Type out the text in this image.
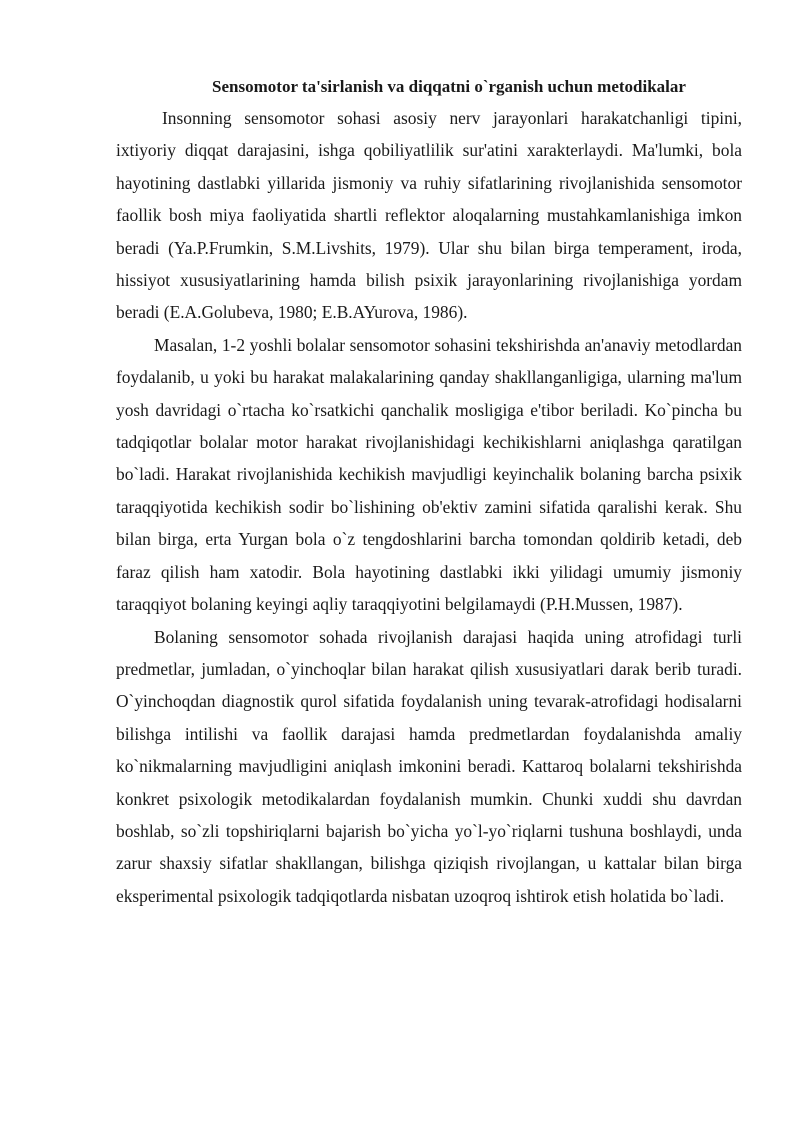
Sensomotor ta'sirlanish va diqqatni o`rganish uchun metodikalar

Insonning sensomotor sohasi asosiy nerv jarayonlari harakatchanligi tipini, ixtiyoriy diqqat darajasini, ishga qobiliyatlilik sur'atini xarakterlaydi. Ma'lumki, bola hayotining dastlabki yillarida jismoniy va ruhiy sifatlarining rivojlanishida sensomotor faollik bosh miya faoliyatida shartli reflektor aloqalarning mustahkamlanishiga imkon beradi (Ya.P.Frumkin, S.M.Livshits, 1979). Ular shu bilan birga temperament, iroda, hissiyot xususiyatlarining hamda bilish psixik jarayonlarining rivojlanishiga yordam beradi (E.A.Golubeva, 1980; E.B.AYurova, 1986).

Masalan, 1-2 yoshli bolalar sensomotor sohasini tekshirishda an'anaviy metodlardan foydalanib, u yoki bu harakat malakalarining qanday shakllanganligiga, ularning ma'lum yosh davridagi o`rtacha ko`rsatkichi qanchalik mosligiga e'tibor beriladi. Ko`pincha bu tadqiqotlar bolalar motor harakat rivojlanishidagi kechikishlarni aniqlashga qaratilgan bo`ladi. Harakat rivojlanishida kechikish mavjudligi keyinchalik bolaning barcha psixik taraqqiyotida kechikish sodir bo`lishining ob'ektiv zamini sifatida qaralishi kerak. Shu bilan birga, erta Yurgan bola o`z tengdoshlarini barcha tomondan qoldirib ketadi, deb faraz qilish ham xatodir. Bola hayotining dastlabki ikki yilidagi umumiy jismoniy taraqqiyot bolaning keyingi aqliy taraqqiyotini belgilamaydi (P.H.Mussen, 1987).

Bolaning sensomotor sohada rivojlanish darajasi haqida uning atrofidagi turli predmetlar, jumladan, o`yinchoqlar bilan harakat qilish xususiyatlari darak berib turadi. O`yinchoqdan diagnostik qurol sifatida foydalanish uning tevarak-atrofidagi hodisalarni bilishga intilishi va faollik darajasi hamda predmetlardan foydalanishda amaliy ko`nikmalarning mavjudligini aniqlash imkonini beradi. Kattaroq bolalarni tekshirishda konkret psixologik metodikalardan foydalanish mumkin. Chunki xuddi shu davrdan boshlab, so`zli topshiriqlarni bajarish bo`yicha yo`l-yo`riqlarni tushuna boshlaydi, unda zarur shaxsiy sifatlar shakllangan, bilishga qiziqish rivojlangan, u kattalar bilan birga eksperimental psixologik tadqiqotlarda nisbatan uzoqroq ishtirok etish holatida bo`ladi.
